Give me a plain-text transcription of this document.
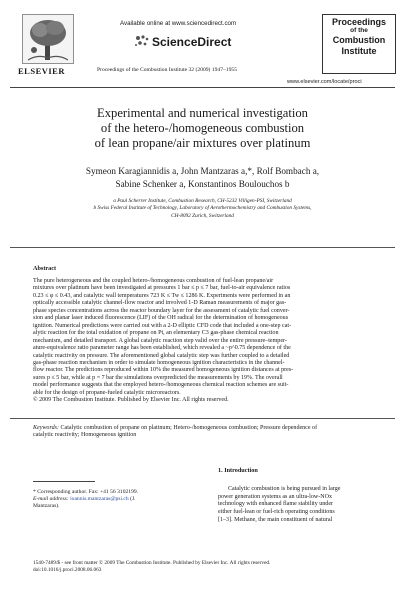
ELSEVIER
Available online at www.sciencedirect.com
ScienceDirect
Proceedings of the Combustion Institute 32 (2009) 1947–1955
Proceedings
of the
Combustion
Institute
www.elsevier.com/locate/proci
Experimental and numerical investigation
of the hetero-/homogeneous combustion
of lean propane/air mixtures over platinum
Symeon Karagiannidis a, John Mantzaras a,*, Rolf Bombach a,
Sabine Schenker a, Konstantinos Boulouchos b
a Paul Scherrer Institute, Combustion Research, CH-5232 Villigen-PSI, Switzerland
b Swiss Federal Institute of Technology, Laboratory of Aerothermochemistry and Combustion Systems,
CH-8092 Zurich, Switzerland
Abstract
The pure heterogeneous and the coupled hetero-/homogeneous combustion of fuel-lean propane/air
mixtures over platinum have been investigated at pressures 1 bar ≤ p ≤ 7 bar, fuel-to-air equivalence ratios
0.23 ≤ φ ≤ 0.43, and catalytic wall temperatures 723 K ≤ Tw ≤ 1286 K. Experiments were performed in an
optically accessible catalytic channel-flow reactor and involved 1-D Raman measurements of major gas-
phase species concentrations across the reactor boundary layer for the assessment of catalytic fuel conver-
sion and planar laser induced fluorescence (LIF) of the OH radical for the determination of homogeneous
ignition. Numerical predictions were carried out with a 2-D elliptic CFD code that included a one-step cat-
alytic reaction for the total oxidation of propane on Pt, an elementary C3 gas-phase chemical reaction
mechanism, and detailed transport. A global catalytic reaction step valid over the entire pressure–temper-
ature-equivalence ratio parameter range has been established, which revealed a ~p^0.75 dependence of the
catalytic reactivity on pressure. The aforementioned global catalytic step was further coupled to a detailed
gas-phase reaction mechanism in order to simulate homogeneous ignition characteristics in the channel-
flow reactor. The predictions reproduced within 10% the measured homogeneous ignition distances at pres-
sures p ≤ 5 bar, while at p = 7 bar the simulations overpredicted the measurements by 19%. The overall
model performance suggests that the employed hetero-/homogeneous chemical reaction schemes are suit-
able for the design of propane-fueled catalytic microreactors.
© 2009 The Combustion Institute. Published by Elsevier Inc. All rights reserved.
Keywords: Catalytic combustion of propane on platinum; Hetero-/homogeneous combustion; Pressure dependence of
catalytic reactivity; Homogeneous ignition
* Corresponding author. Fax: +41 56 3102199.
E-mail address: ioannis.mantzaras@psi.ch (J.
Mantzaras).
1. Introduction
Catalytic combustion is being pursued in large
power generation systems as an ultra-low-NOx
technology with enhanced flame stability under
either fuel-lean or fuel-rich operating conditions
[1–3]. Methane, the main constituent of natural
1540-7489/$ - see front matter © 2009 The Combustion Institute. Published by Elsevier Inc. All rights reserved.
doi:10.1016/j.proci.2008.06.063
